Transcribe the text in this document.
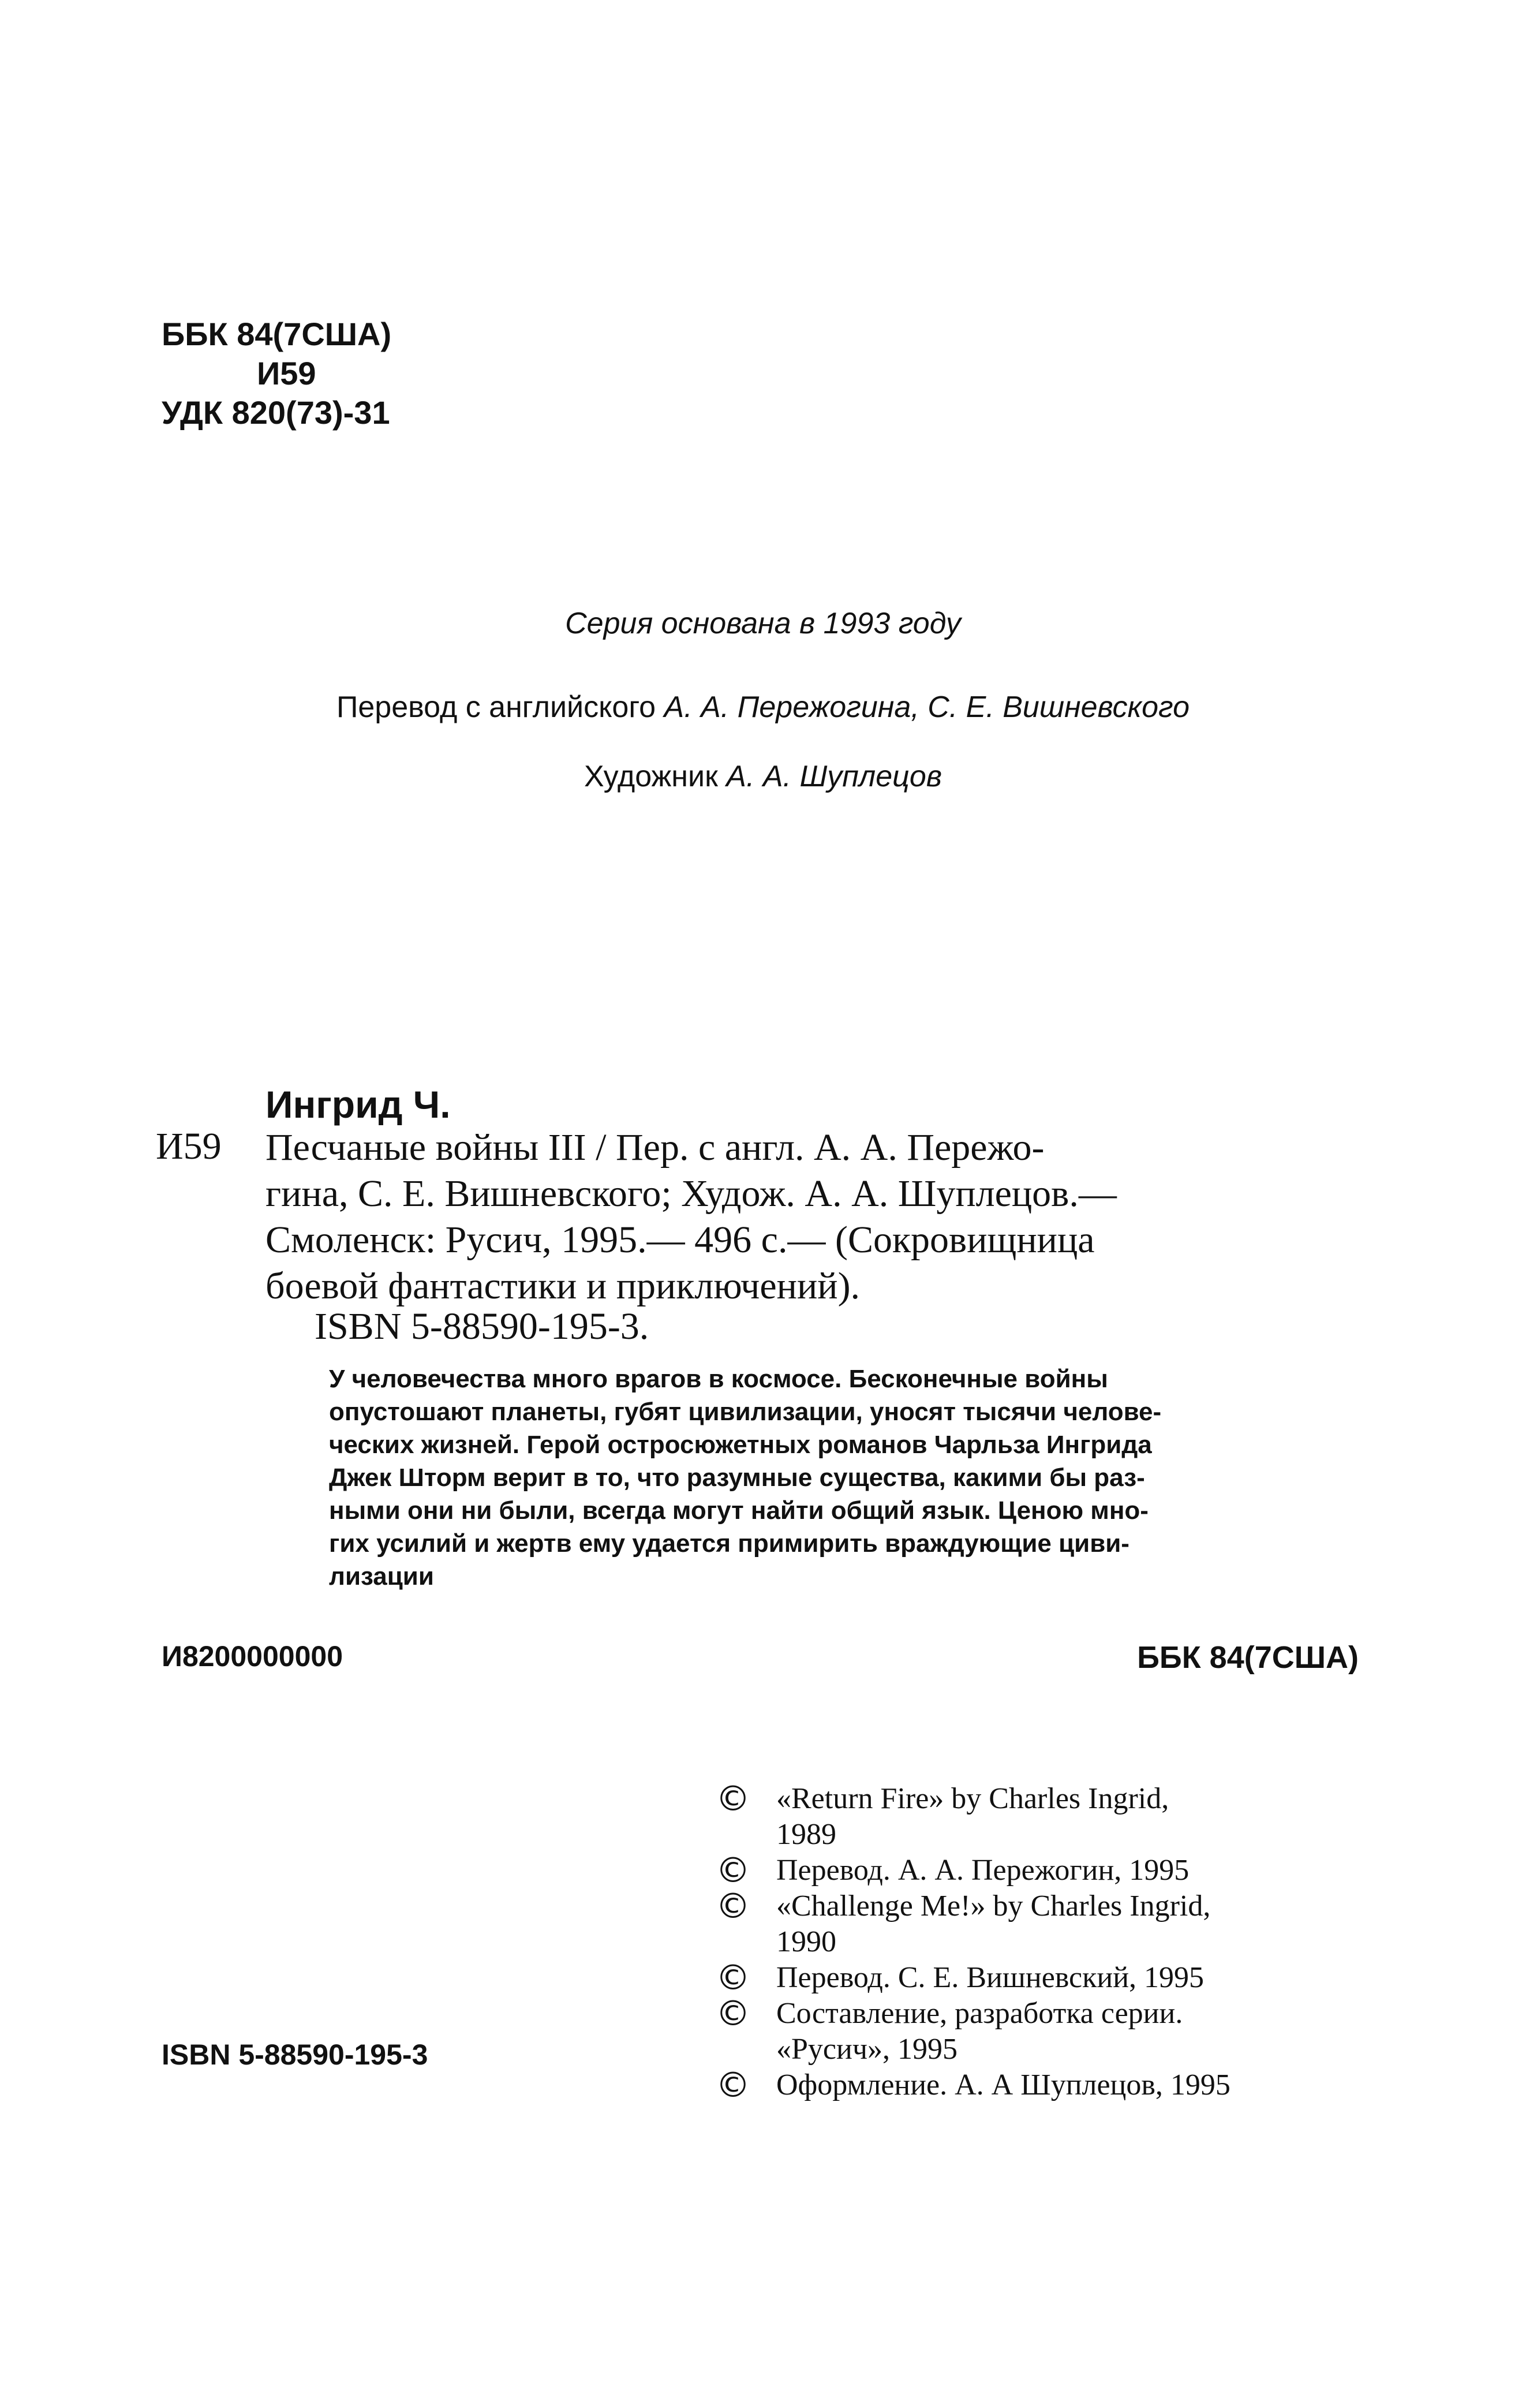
ББК 84(7США)
И59
УДК 820(73)-31
Серия основана в 1993 году
Перевод с английского А. А. Пережогина, С. Е. Вишневского
Художник А. А. Шуплецов
Ингрид Ч.
И59 Песчаные войны III / Пер. с англ. А. А. Пережо-
гина, С. Е. Вишневского; Худож. А. А. Шуплецов.—
Смоленск: Русич, 1995.— 496 с.— (Сокровищница
боевой фантастики и приключений).
ISBN 5-88590-195-3.
У человечества много врагов в космосе. Бесконечные войны
опустошают планеты, губят цивилизации, уносят тысячи челове-
ческих жизней. Герой остросюжетных романов Чарльза Ингрида
Джек Шторм верит в то, что разумные существа, какими бы раз-
ными они ни были, всегда могут найти общий язык. Ценою мно-
гих усилий и жертв ему удается примирить враждующие циви-
лизации
И8200000000	ББК 84(7США)
© «Return Fire» by Charles Ingrid,
1989
© Перевод. А. А. Пережогин, 1995
© «Challenge Me!» by Charles Ingrid,
1990
© Перевод. С. Е. Вишневский, 1995
© Составление, разработка серии.
«Русич», 1995
© Оформление. А. А Шуплецов, 1995
ISBN 5-88590-195-3
